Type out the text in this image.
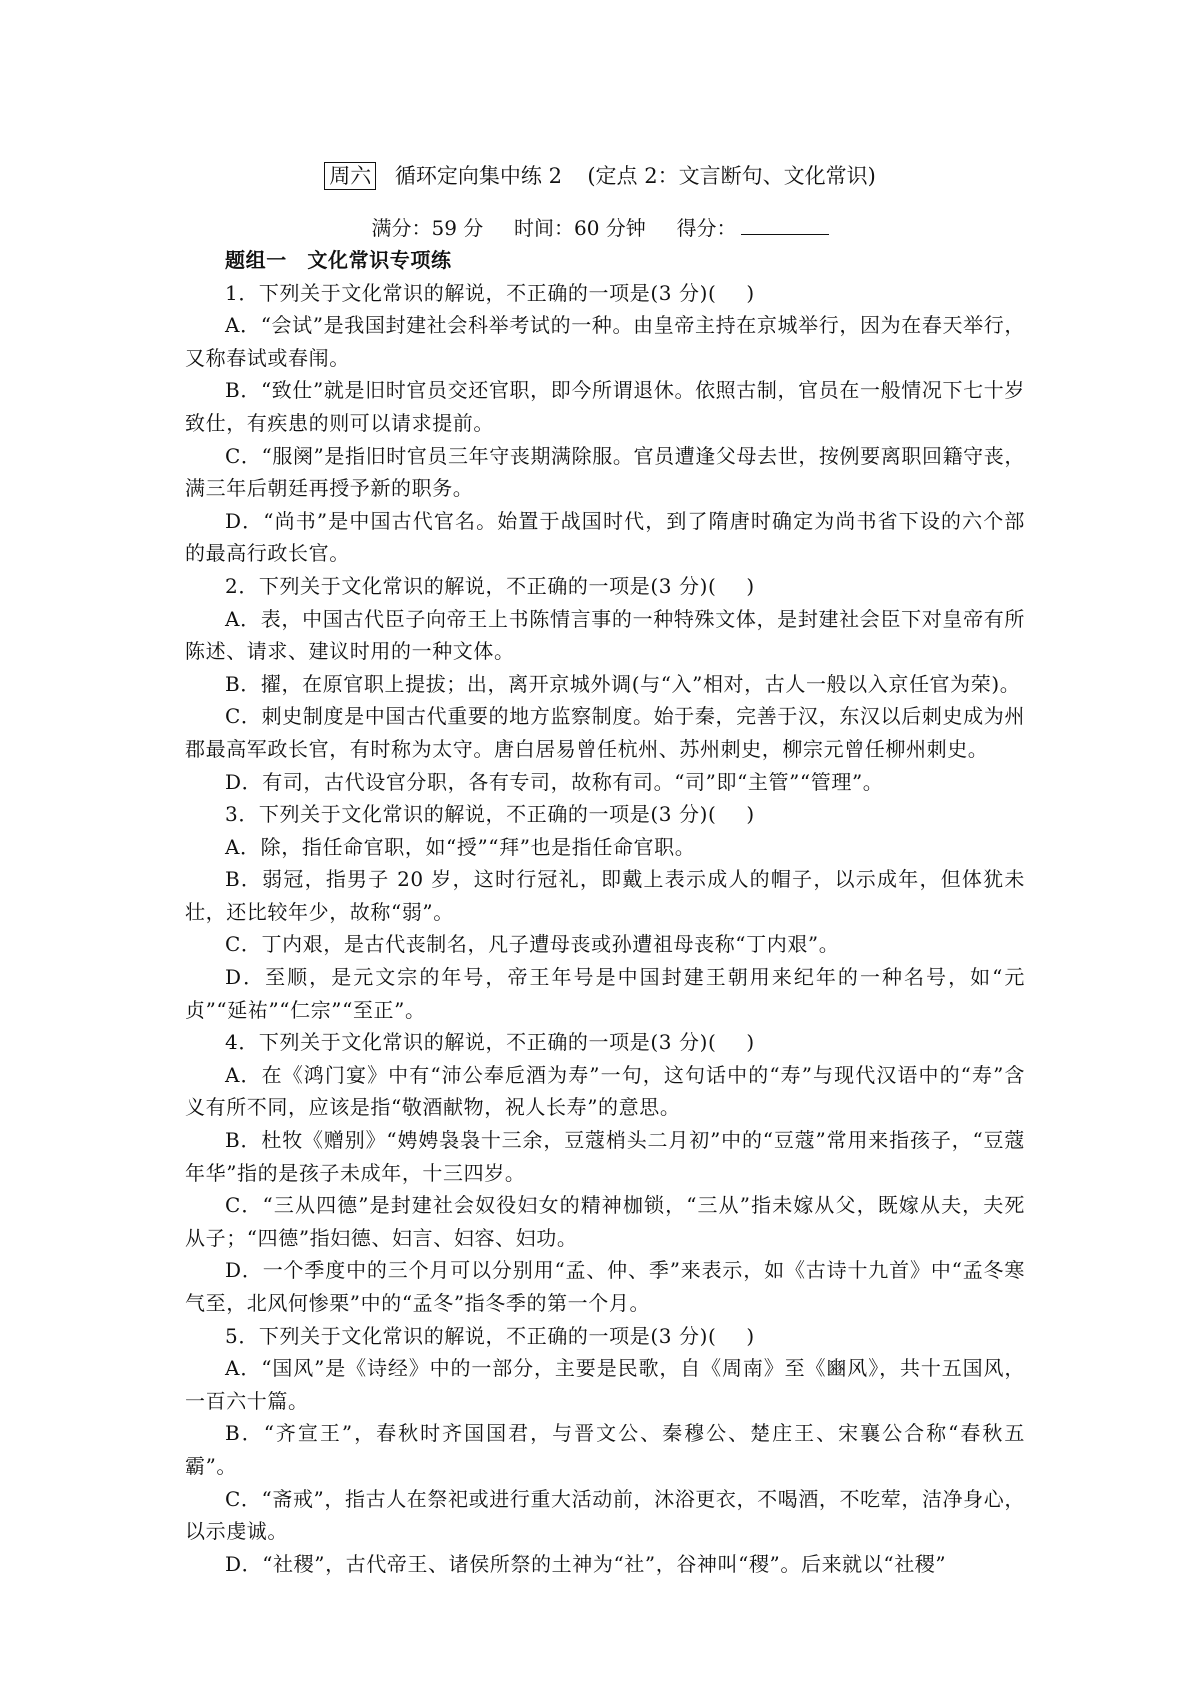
周六 循环定向集中练 2 (定点 2：文言断句、文化常识)
满分：59 分 时间：60 分钟 得分：

题组一　文化常识专项练

1．下列关于文化常识的解说，不正确的一项是(3 分)( )

A．“会试”是我国封建社会科举考试的一种。由皇帝主持在京城举行，因为在春天举行，又称春试或春闱。

B．“致仕”就是旧时官员交还官职，即今所谓退休。依照古制，官员在一般情况下七十岁致仕，有疾患的则可以请求提前。

C．“服阕”是指旧时官员三年守丧期满除服。官员遭逢父母去世，按例要离职回籍守丧，满三年后朝廷再授予新的职务。

D．“尚书”是中国古代官名。始置于战国时代，到了隋唐时确定为尚书省下设的六个部的最高行政长官。

2．下列关于文化常识的解说，不正确的一项是(3 分)( )

A．表，中国古代臣子向帝王上书陈情言事的一种特殊文体，是封建社会臣下对皇帝有所陈述、请求、建议时用的一种文体。

B．擢，在原官职上提拔；出，离开京城外调(与“入”相对，古人一般以入京任官为荣)。

C．刺史制度是中国古代重要的地方监察制度。始于秦，完善于汉，东汉以后刺史成为州郡最高军政长官，有时称为太守。唐白居易曾任杭州、苏州刺史，柳宗元曾任柳州刺史。

D．有司，古代设官分职，各有专司，故称有司。“司”即“主管”“管理”。

3．下列关于文化常识的解说，不正确的一项是(3 分)( )

A．除，指任命官职，如“授”“拜”也是指任命官职。

B．弱冠，指男子 20 岁，这时行冠礼，即戴上表示成人的帽子，以示成年，但体犹未壮，还比较年少，故称“弱”。

C．丁内艰，是古代丧制名，凡子遭母丧或孙遭祖母丧称“丁内艰”。

D．至顺，是元文宗的年号，帝王年号是中国封建王朝用来纪年的一种名号，如“元贞”“延祐”“仁宗”“至正”。

4．下列关于文化常识的解说，不正确的一项是(3 分)( )

A．在《鸿门宴》中有“沛公奉卮酒为寿”一句，这句话中的“寿”与现代汉语中的“寿”含义有所不同，应该是指“敬酒献物，祝人长寿”的意思。

B．杜牧《赠别》“娉娉袅袅十三余，豆蔻梢头二月初”中的“豆蔻”常用来指孩子，“豆蔻年华”指的是孩子未成年，十三四岁。

C．“三从四德”是封建社会奴役妇女的精神枷锁，“三从”指未嫁从父，既嫁从夫，夫死从子；“四德”指妇德、妇言、妇容、妇功。

D．一个季度中的三个月可以分别用“孟、仲、季”来表示，如《古诗十九首》中“孟冬寒气至，北风何惨栗”中的“孟冬”指冬季的第一个月。

5．下列关于文化常识的解说，不正确的一项是(3 分)( )

A．“国风”是《诗经》中的一部分，主要是民歌，自《周南》至《豳风》，共十五国风，一百六十篇。

B．“齐宣王”，春秋时齐国国君，与晋文公、秦穆公、楚庄王、宋襄公合称“春秋五霸”。

C．“斋戒”，指古人在祭祀或进行重大活动前，沐浴更衣，不喝酒，不吃荤，洁净身心，以示虔诚。

D．“社稷”，古代帝王、诸侯所祭的土神为“社”，谷神叫“稷”。后来就以“社稷”
